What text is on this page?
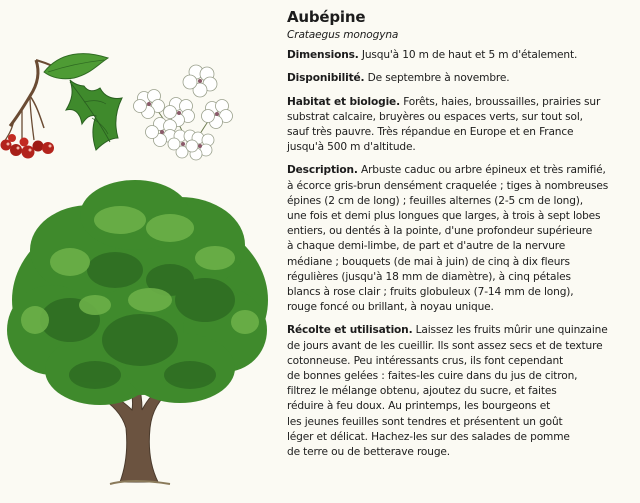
Aubépine
Crataegus monogyna
Dimensions. Jusqu'à 10 m de haut et 5 m d'étalement.
Disponibilité. De septembre à novembre.
Habitat et biologie. Forêts, haies, broussailles, prairies sur
substrat calcaire, bruyères ou espaces verts, sur tout sol,
sauf très pauvre. Très répandue en Europe et en France
jusqu'à 500 m d'altitude.
Description. Arbuste caduc ou arbre épineux et très ramifié,
à écorce gris-brun densément craquelée ; tiges à nombreuses
épines (2 cm de long) ; feuilles alternes (2-5 cm de long),
une fois et demi plus longues que larges, à trois à sept lobes
entiers, ou dentés à la pointe, d'une profondeur supérieure
à chaque demi-limbe, de part et d'autre de la nervure
médiane ; bouquets (de mai à juin) de cinq à dix fleurs
régulières (jusqu'à 18 mm de diamètre), à cinq pétales
blancs à rose clair ; fruits globuleux (7-14 mm de long),
rouge foncé ou brillant, à noyau unique.
Récolte et utilisation. Laissez les fruits mûrir une quinzaine
de jours avant de les cueillir. Ils sont assez secs et de texture
cotonneuse. Peu intéressants crus, ils font cependant
de bonnes gelées : faites-les cuire dans du jus de citron,
filtrez le mélange obtenu, ajoutez du sucre, et faites
réduire à feu doux. Au printemps, les bourgeons et
les jeunes feuilles sont tendres et présentent un goût
léger et délicat. Hachez-les sur des salades de pomme
de terre ou de betterave rouge.
